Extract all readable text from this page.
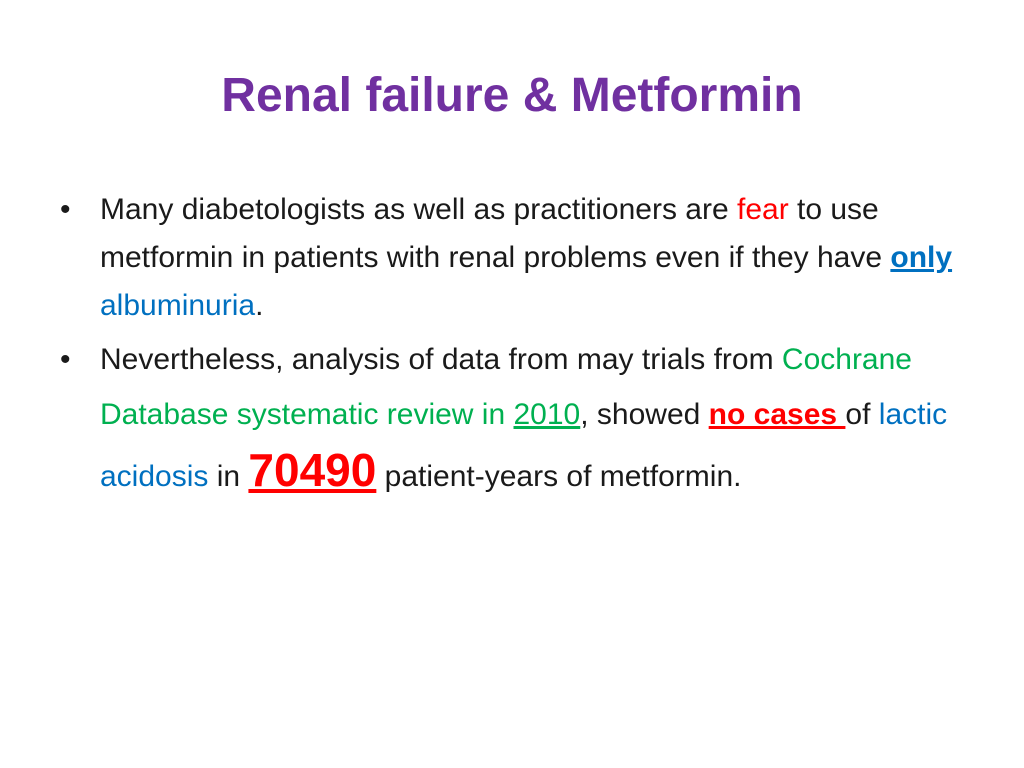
Renal failure & Metformin
• Many diabetologists as well as practitioners are fear to use metformin in patients with renal problems even if they have only albuminuria.
• Nevertheless, analysis of data from may trials from Cochrane Database systematic review in 2010, showed no cases of lactic acidosis in 70490 patient-years of metformin.
